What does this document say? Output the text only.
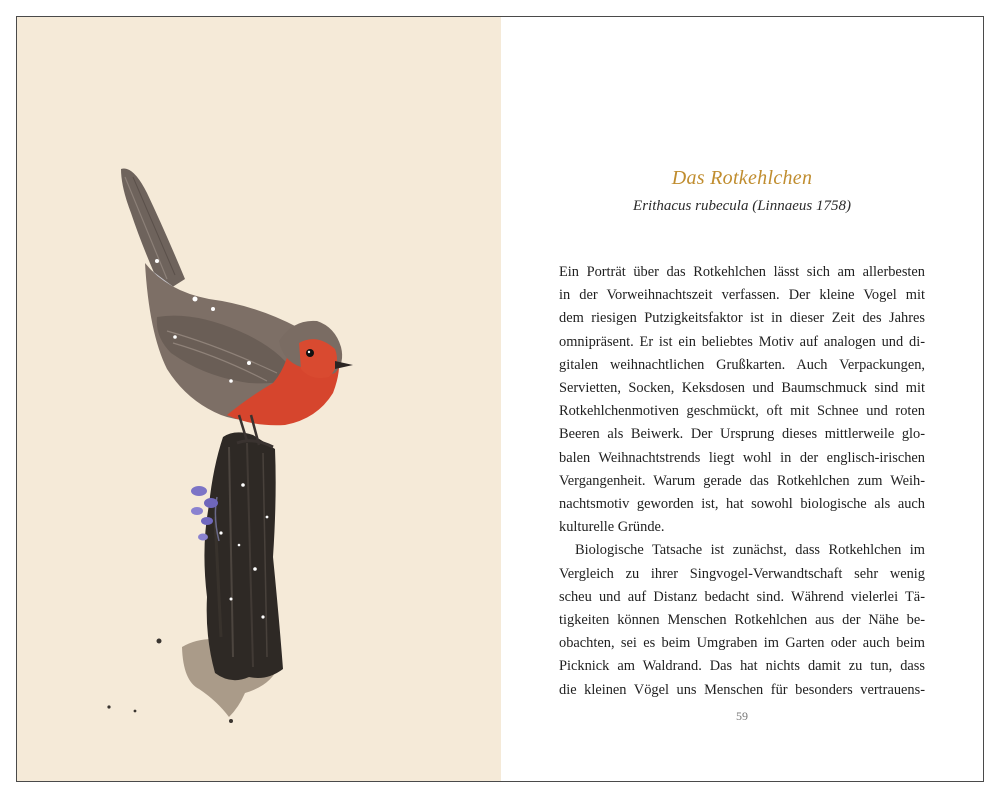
Das Rotkehlchen
Erithacus rubecula (Linnaeus 1758)
Ein Porträt über das Rotkehlchen lässt sich am allerbesten
in der Vorweihnachtszeit verfassen. Der kleine Vogel mit
dem riesigen Putzigkeitsfaktor ist in dieser Zeit des Jahres
omnipräsent. Er ist ein beliebtes Motiv auf analogen und di-
gitalen weihnachtlichen Grußkarten. Auch Verpackungen,
Servietten, Socken, Keksdosen und Baumschmuck sind mit
Rotkehlchenmotiven geschmückt, oft mit Schnee und roten
Beeren als Beiwerk. Der Ursprung dieses mittlerweile glo-
balen Weihnachtstrends liegt wohl in der englisch-irischen
Vergangenheit. Warum gerade das Rotkehlchen zum Weih-
nachtsmotiv geworden ist, hat sowohl biologische als auch
kulturelle Gründe.
Biologische Tatsache ist zunächst, dass Rotkehlchen im
Vergleich zu ihrer Singvogel-Verwandtschaft sehr wenig
scheu und auf Distanz bedacht sind. Während vielerlei Tä-
tigkeiten können Menschen Rotkehlchen aus der Nähe be-
obachten, sei es beim Umgraben im Garten oder auch beim
Picknick am Waldrand. Das hat nichts damit zu tun, dass
die kleinen Vögel uns Menschen für besonders vertrauens-
59
